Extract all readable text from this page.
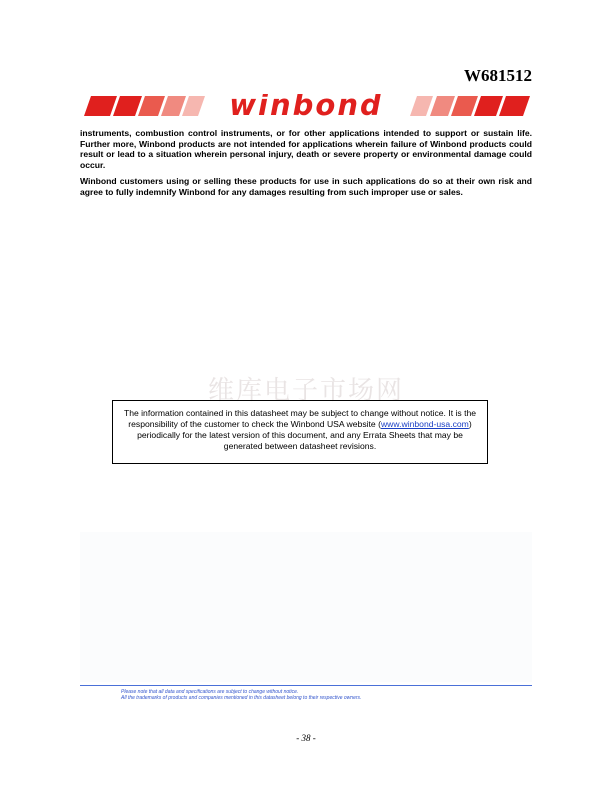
W681512
winbond

instruments, combustion control instruments, or for other applications intended to support or sustain life. Further more, Winbond products are not intended for applications wherein failure of Winbond products could result or lead to a situation wherein personal injury, death or severe property or environmental damage could occur.

Winbond customers using or selling these products for use in such applications do so at their own risk and agree to fully indemnify Winbond for any damages resulting from such improper use or sales.

维库电子市场网
The information contained in this datasheet may be subject to change without notice. It is the responsibility of the customer to check the Winbond USA website (www.winbond-usa.com) periodically for the latest version of this document, and any Errata Sheets that may be generated between datasheet revisions.
Please note that all data and specifications are subject to change without notice.
All the trademarks of products and companies mentioned in this datasheet belong to their respective owners.
- 38 -
